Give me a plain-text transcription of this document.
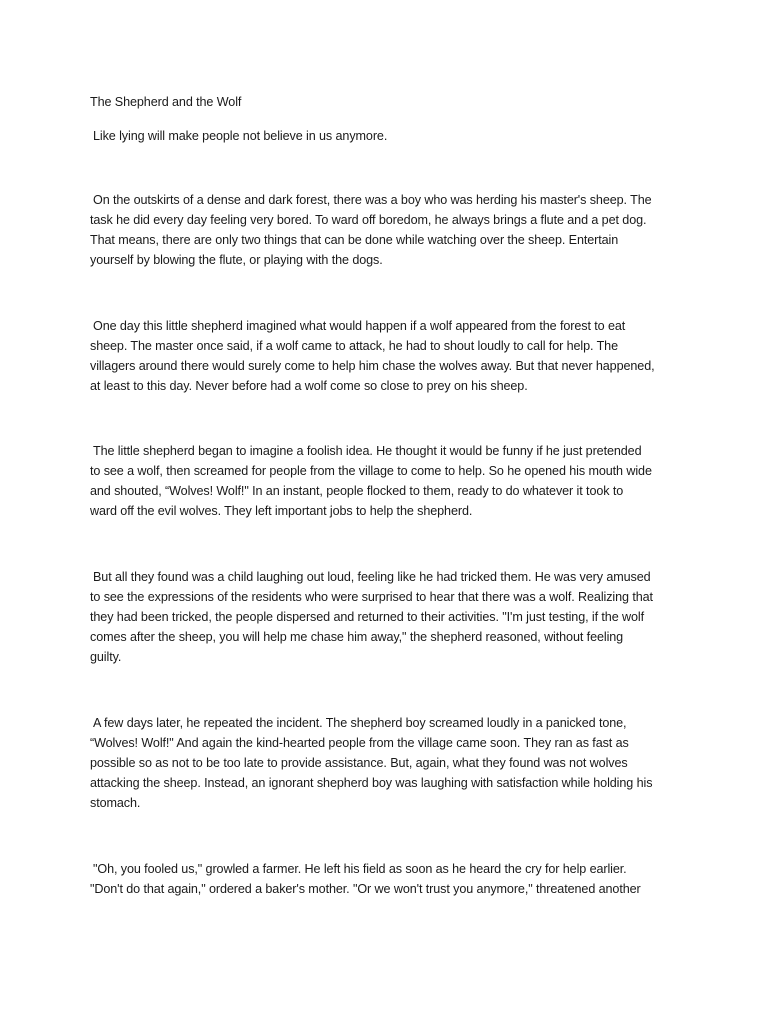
The Shepherd and the Wolf
Like lying will make people not believe in us anymore.
On the outskirts of a dense and dark forest, there was a boy who was herding his master's sheep. The
task he did every day feeling very bored. To ward off boredom, he always brings a flute and a pet dog.
That means, there are only two things that can be done while watching over the sheep. Entertain
yourself by blowing the flute, or playing with the dogs.
One day this little shepherd imagined what would happen if a wolf appeared from the forest to eat
sheep. The master once said, if a wolf came to attack, he had to shout loudly to call for help. The
villagers around there would surely come to help him chase the wolves away. But that never happened,
at least to this day. Never before had a wolf come so close to prey on his sheep.
The little shepherd began to imagine a foolish idea. He thought it would be funny if he just pretended
to see a wolf, then screamed for people from the village to come to help. So he opened his mouth wide
and shouted, “Wolves! Wolf!" In an instant, people flocked to them, ready to do whatever it took to
ward off the evil wolves. They left important jobs to help the shepherd.
But all they found was a child laughing out loud, feeling like he had tricked them. He was very amused
to see the expressions of the residents who were surprised to hear that there was a wolf. Realizing that
they had been tricked, the people dispersed and returned to their activities. "I'm just testing, if the wolf
comes after the sheep, you will help me chase him away," the shepherd reasoned, without feeling
guilty.
A few days later, he repeated the incident. The shepherd boy screamed loudly in a panicked tone,
“Wolves! Wolf!" And again the kind-hearted people from the village came soon. They ran as fast as
possible so as not to be too late to provide assistance. But, again, what they found was not wolves
attacking the sheep. Instead, an ignorant shepherd boy was laughing with satisfaction while holding his
stomach.
"Oh, you fooled us," growled a farmer. He left his field as soon as he heard the cry for help earlier.
"Don't do that again," ordered a baker's mother. "Or we won't trust you anymore," threatened another
